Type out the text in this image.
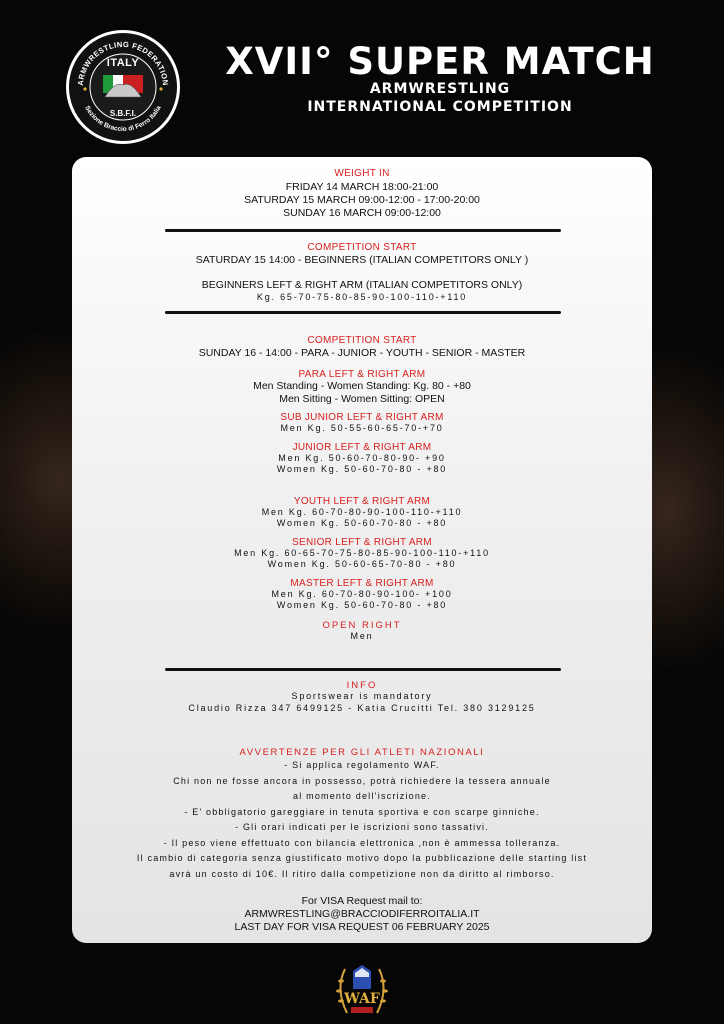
ARMWRESTLING FEDERATION
Sezione Braccio di Ferro Italia
ITALY
S.B.F.I.
XVII° SUPER MATCH
ARMWRESTLING
INTERNATIONAL COMPETITION
WEIGHT IN
FRIDAY 14 MARCH 18:00-21:00
SATURDAY 15 MARCH 09:00-12:00 - 17:00-20:00
SUNDAY 16 MARCH 09:00-12:00
COMPETITION START
SATURDAY 15 14:00 - BEGINNERS (ITALIAN COMPETITORS ONLY )
BEGINNERS LEFT & RIGHT ARM (ITALIAN COMPETITORS ONLY)
Kg. 65-70-75-80-85-90-100-110-+110
COMPETITION START
SUNDAY 16 - 14:00 - PARA - JUNIOR - YOUTH - SENIOR - MASTER
PARA LEFT & RIGHT ARM
Men Standing - Women Standing: Kg. 80 - +80
Men Sitting - Women Sitting: OPEN
SUB JUNIOR LEFT & RIGHT ARM
Men Kg. 50-55-60-65-70-+70
JUNIOR LEFT & RIGHT ARM
Men Kg. 50-60-70-80-90- +90
Women Kg. 50-60-70-80 - +80
YOUTH LEFT & RIGHT ARM
Men Kg. 60-70-80-90-100-110-+110
Women Kg. 50-60-70-80 - +80
SENIOR LEFT & RIGHT ARM
Men Kg. 60-65-70-75-80-85-90-100-110-+110
Women Kg. 50-60-65-70-80 - +80
MASTER LEFT & RIGHT ARM
Men Kg. 60-70-80-90-100- +100
Women Kg. 50-60-70-80 - +80
OPEN RIGHT
Men
INFO
Sportswear is mandatory
Claudio Rizza 347 6499125 - Katia Crucitti Tel. 380 3129125
AVVERTENZE PER GLI ATLETI NAZIONALI
- Si applica regolamento WAF.
Chi non ne fosse ancora in possesso, potrà richiedere la tessera annuale
al momento dell’iscrizione.
- E’ obbligatorio gareggiare in tenuta sportiva e con scarpe ginniche.
- Gli orari indicati per le iscrizioni sono tassativi.
- Il peso viene effettuato con bilancia elettronica ,non è ammessa tolleranza.
Il cambio di categoria senza giustificato motivo dopo la pubblicazione delle starting list
avrà un costo di 10€. Il ritiro dalla competizione non da diritto al rimborso.
For VISA Request mail to:
ARMWRESTLING@BRACCIODIFERROITALIA.IT
LAST DAY FOR VISA REQUEST 06 FEBRUARY 2025
WAF
